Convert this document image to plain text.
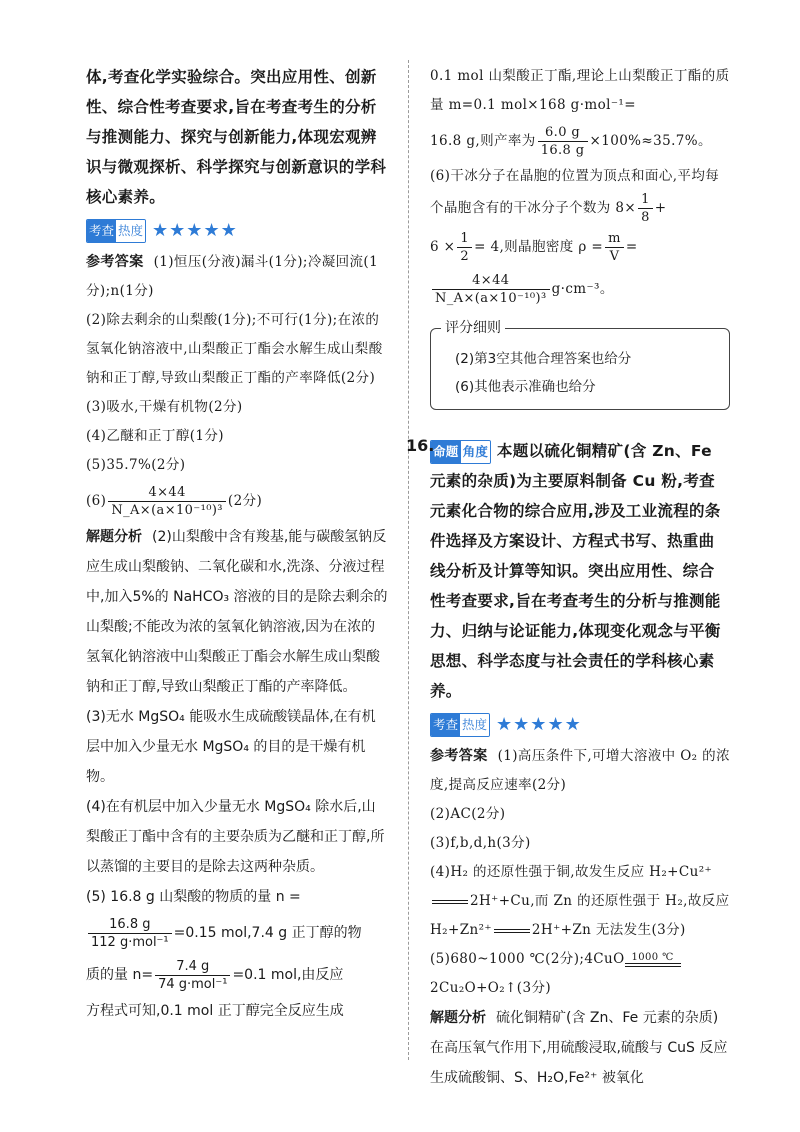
体,考查化学实验综合。突出应用性、创新性、综合性考查要求,旨在考查考生的分析与推测能力、探究与创新能力,体现宏观辨识与微观探析、科学探究与创新意识的学科核心素养。

考查 热度 ★★★★★

参考答案 (1)恒压(分液)漏斗(1分);冷凝回流(1分);n(1分)

(2)除去剩余的山梨酸(1分);不可行(1分);在浓的氢氧化钠溶液中,山梨酸正丁酯会水解生成山梨酸钠和正丁醇,导致山梨酸正丁酯的产率降低(2分)

(3)吸水,干燥有机物(2分)

(4)乙醚和正丁醇(1分)

(5)35.7%(2分)

$(6) \frac{4\times 44}{\text{N\_A×(a×10⁻¹⁰)³}} (2$分)

解题分析 (2)山梨酸中含有羧基,能与碳酸氢钠反应生成山梨酸钠、二氧化碳和水,洗涤、分液过程中,加入5%的 NaHCO₃ 溶液的目的是除去剩余的山梨酸;不能改为浓的氢氧化钠溶液,因为在浓的氢氧化钠溶液中山梨酸正丁酯会水解生成山梨酸钠和正丁醇,导致山梨酸正丁酯的产率降低。

(3)无水 MgSO₄ 能吸水生成硫酸镁晶体,在有机层中加入少量无水 MgSO₄ 的目的是干燥有机物。

(4)在有机层中加入少量无水 MgSO₄ 除水后,山梨酸正丁酯中含有的主要杂质为乙醚和正丁醇,所以蒸馏的主要目的是除去这两种杂质。

(5) 16.8 g 山梨酸的物质的量 n =

$\frac{16.8 g}{\text{112 g·mol⁻¹}} =0.15$ mol,7.4 g 正丁醇的物

质的量 $n= \frac{7.4 g}{\text{74 g·mol⁻¹}} =0.1$ mol,由反应

方程式可知,0.1 mol 正丁醇完全反应生成

0.1 mol 山梨酸正丁酯,理论上山梨酸正丁酯的质量 m=0.1 mol×168 g·mol⁻¹=

16.8 g,则产率为 $\frac{6.0 g}{16.8 g} \times 100\%\approx 35.7\%$。

(6)干冰分子在晶胞的位置为顶点和面心,平均每个晶胞含有的干冰分子个数为 $8\times \frac{1}{8}$ +

$6 \times \frac{1}{2} = 4$,则晶胞密度 $\rho = \frac{m}{V}$ =

$\frac{4\times 44}{\text{N\_A×(a×10⁻¹⁰)³}} g\cdot cm^{-3}$。

评分细则

(2)第3空其他合理答案也给分

(6)其他表示准确也给分

16.

命题 角度 本题以硫化铜精矿(含 Zn、Fe 元素的杂质)为主要原料制备 Cu 粉,考查元素化合物的综合应用,涉及工业流程的条件选择及方案设计、方程式书写、热重曲线分析及计算等知识。突出应用性、综合性考查要求,旨在考查考生的分析与推测能力、归纳与论证能力,体现变化观念与平衡思想、科学态度与社会责任的学科核心素养。

考查 热度 ★★★★★

参考答案 (1)高压条件下,可增大溶液中 O₂ 的浓度,提高反应速率(2分)

(2)AC(2分)

(3)f,b,d,h(3分)

(4)H₂ 的还原性强于铜,故发生反应 H₂+Cu²⁺2H⁺+Cu,而 Zn 的还原性强于 H₂,故反应 H₂+Zn²⁺	2H⁺+Zn 无法发生(3分)

(5)680~1000 ℃(2分);4CuO 1000 ℃
2Cu₂O+O₂↑(3分)

解题分析 硫化铜精矿(含 Zn、Fe 元素的杂质)在高压氧气作用下,用硫酸浸取,硫酸与 CuS 反应生成硫酸铜、S、H₂O,Fe²⁺ 被氧化
